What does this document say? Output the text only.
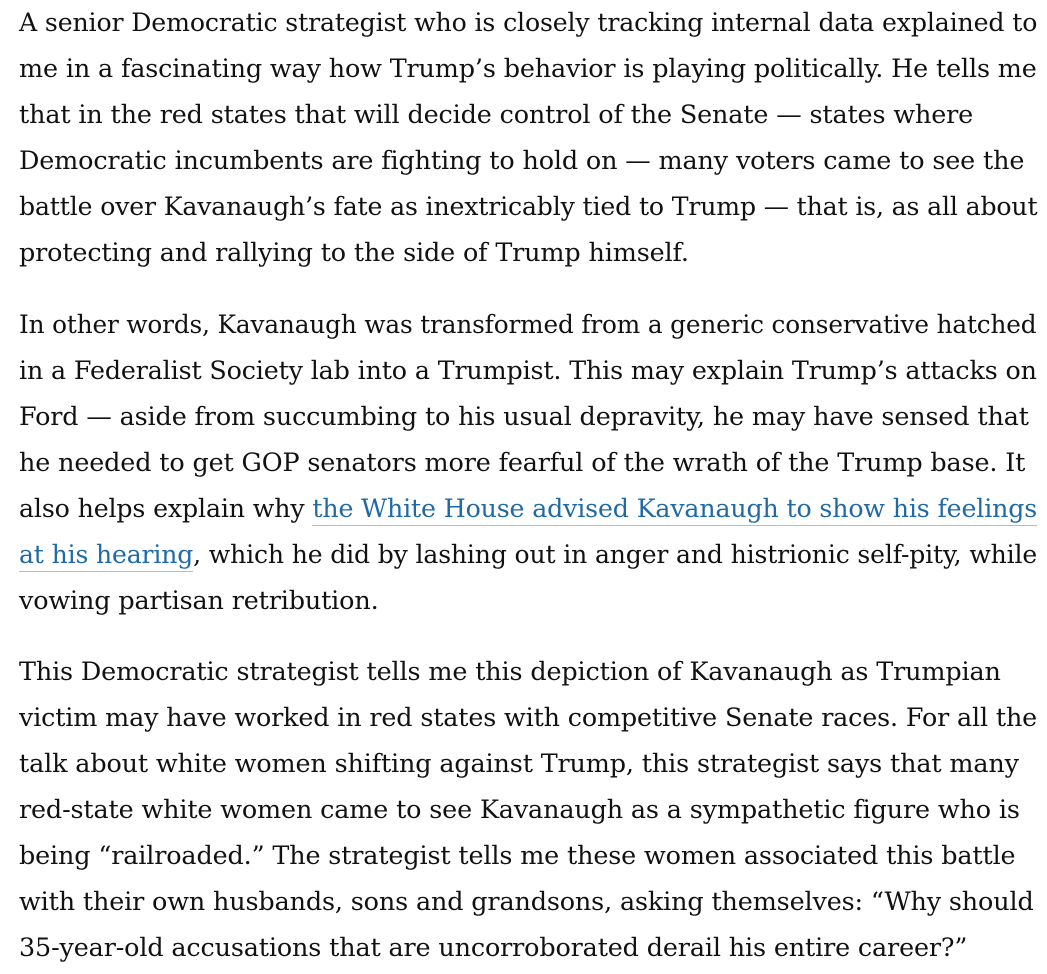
A senior Democratic strategist who is closely tracking internal data explained to
me in a fascinating way how Trump’s behavior is playing politically. He tells me
that in the red states that will decide control of the Senate — states where
Democratic incumbents are fighting to hold on — many voters came to see the
battle over Kavanaugh’s fate as inextricably tied to Trump — that is, as all about
protecting and rallying to the side of Trump himself.

In other words, Kavanaugh was transformed from a generic conservative hatched
in a Federalist Society lab into a Trumpist. This may explain Trump’s attacks on
Ford — aside from succumbing to his usual depravity, he may have sensed that
he needed to get GOP senators more fearful of the wrath of the Trump base. It
also helps explain why the White House advised Kavanaugh to show his feelings
at his hearing, which he did by lashing out in anger and histrionic self-pity, while
vowing partisan retribution.

This Democratic strategist tells me this depiction of Kavanaugh as Trumpian
victim may have worked in red states with competitive Senate races. For all the
talk about white women shifting against Trump, this strategist says that many
red-state white women came to see Kavanaugh as a sympathetic figure who is
being “railroaded.” The strategist tells me these women associated this battle
with their own husbands, sons and grandsons, asking themselves: “Why should
35-year-old accusations that are uncorroborated derail his entire career?”
